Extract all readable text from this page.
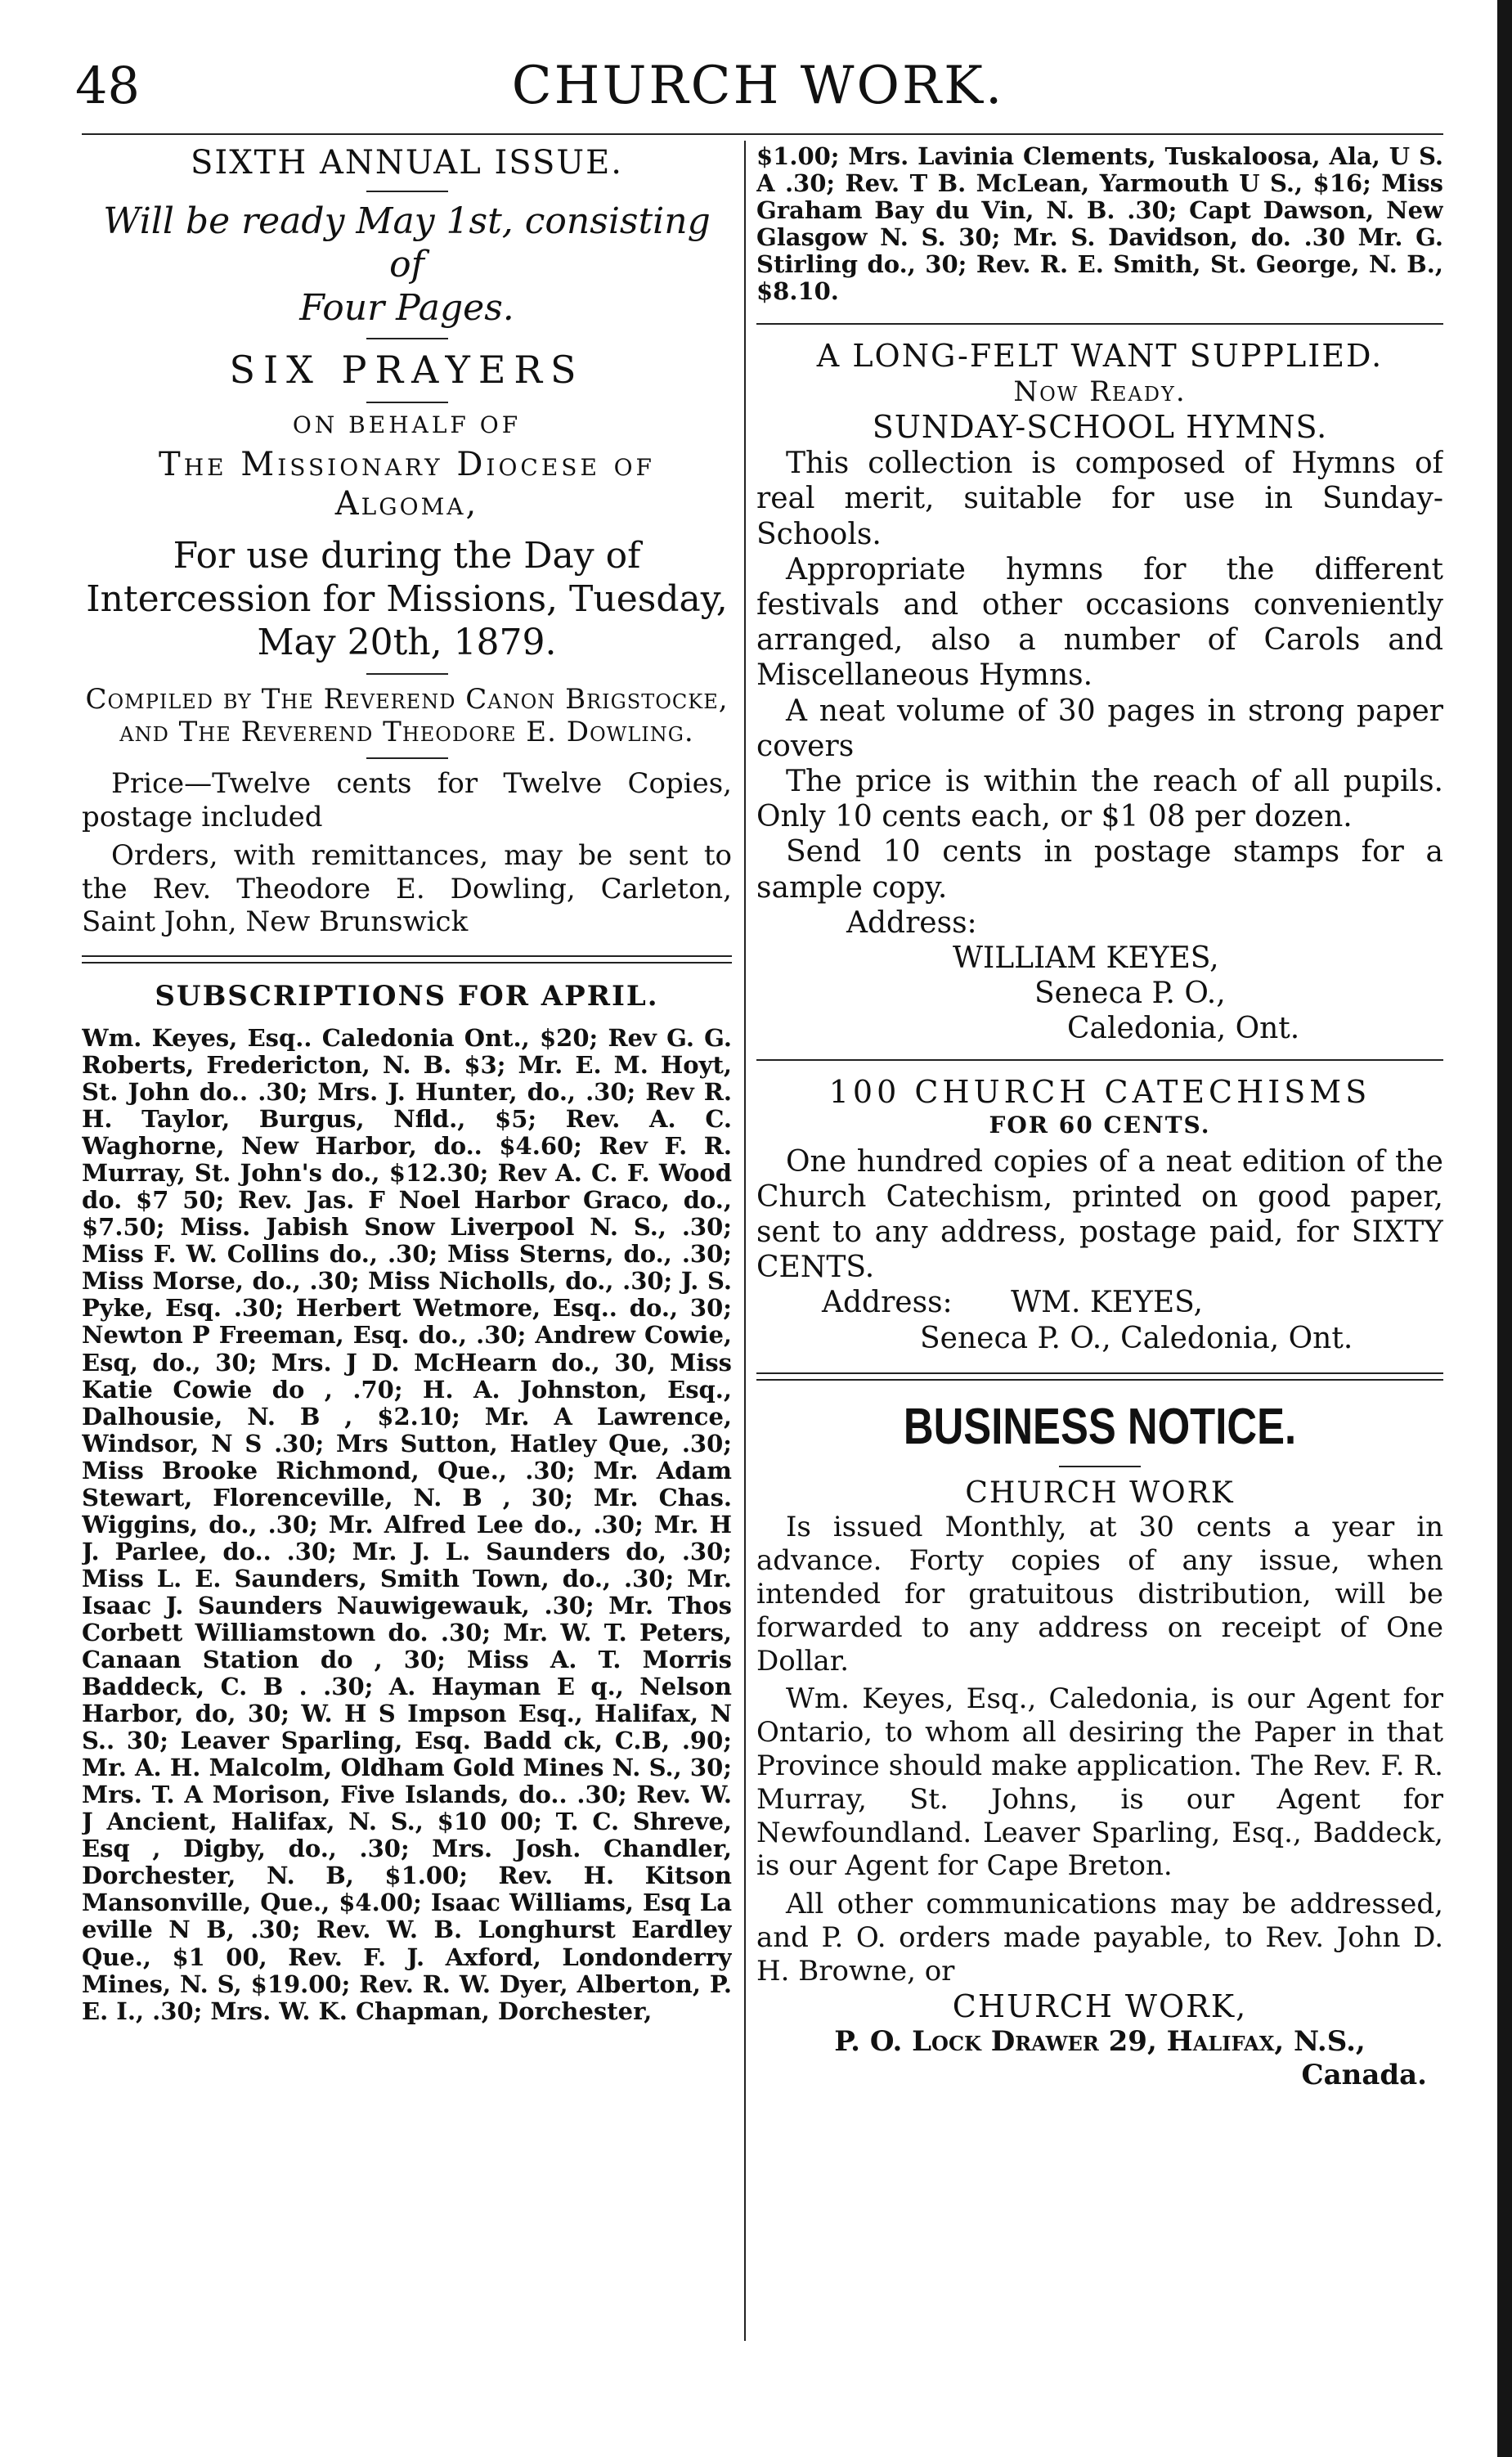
CHURCH WORK.
48
SIXTH ANNUAL ISSUE.
Will be ready May 1st, consisting of
Four Pages.
SIX PRAYERS
ON BEHALF OF
The Missionary Diocese of
Algoma,
For use during the Day of Intercession for Missions, Tuesday, May 20th, 1879.
Compiled by The Reverend Canon Brigstocke, and The Reverend Theodore E. Dowling.
Price—Twelve cents for Twelve Copies, postage included
Orders, with remittances, may be sent to the Rev. Theodore E. Dowling, Carleton, Saint John, New Brunswick
SUBSCRIPTIONS FOR APRIL.

Wm. Keyes, Esq.. Caledonia Ont., $20; Rev G. G. Roberts, Fredericton, N. B. $3; Mr. E. M. Hoyt, St. John do.. .30; Mrs. J. Hunter, do., .30; Rev R. H. Taylor, Burgus, Nfld., $5; Rev. A. C. Waghorne, New Harbor, do.. $4.60; Rev F. R. Murray, St. John's do., $12.30; Rev A. C. F. Wood do. $7 50; Rev. Jas. F Noel Harbor Graco, do., $7.50; Miss. Jabish Snow Liverpool N. S., .30; Miss F. W. Collins do., .30; Miss Sterns, do., .30; Miss Morse, do., .30; Miss Nicholls, do., .30; J. S. Pyke, Esq. .30; Herbert Wetmore, Esq.. do., 30; Newton P Freeman, Esq. do., .30; Andrew Cowie, Esq, do., 30; Mrs. J D. McHearn do., 30, Miss Katie Cowie do , .70; H. A. Johnston, Esq., Dalhousie, N. B , $2.10; Mr. A Lawrence, Windsor, N S .30; Mrs Sutton, Hatley Que, .30; Miss Brooke Richmond, Que., .30; Mr. Adam Stewart, Florenceville, N. B , 30; Mr. Chas. Wiggins, do., .30; Mr. Alfred Lee do., .30; Mr. H J. Parlee, do.. .30; Mr. J. L. Saunders do, .30; Miss L. E. Saunders, Smith Town, do., .30; Mr. Isaac J. Saunders Nauwigewauk, .30; Mr. Thos Corbett Williamstown do. .30; Mr. W. T. Peters, Canaan Station do , 30; Miss A. T. Morris Baddeck, C. B . .30; A. Hayman E q., Nelson Harbor, do, 30; W. H S Impson Esq., Halifax, N S.. 30; Leaver Sparling, Esq. Badd ck, C.B, .90; Mr. A. H. Malcolm, Oldham Gold Mines N. S., 30; Mrs. T. A Morison, Five Islands, do.. .30; Rev. W. J Ancient, Halifax, N. S., $10 00; T. C. Shreve, Esq , Digby, do., .30; Mrs. Josh. Chandler, Dorchester, N. B, $1.00; Rev. H. Kitson Mansonville, Que., $4.00; Isaac Williams, Esq La eville N B, .30; Rev. W. B. Longhurst Eardley Que., $1 00, Rev. F. J. Axford, Londonderry Mines, N. S, $19.00; Rev. R. W. Dyer, Alberton, P. E. I., .30; Mrs. W. K. Chapman, Dorchester,

$1.00; Mrs. Lavinia Clements, Tuskaloosa, Ala, U S. A .30; Rev. T B. McLean, Yarmouth U S., $16; Miss Graham Bay du Vin, N. B. .30; Capt Dawson, New Glasgow N. S. 30; Mr. S. Davidson, do. .30 Mr. G. Stirling do., 30; Rev. R. E. Smith, St. George, N. B., $8.10.

A LONG-FELT WANT SUPPLIED.
Now Ready.
SUNDAY-SCHOOL HYMNS.
This collection is composed of Hymns of real merit, suitable for use in Sunday-Schools.
Appropriate hymns for the different festivals and other occasions conveniently arranged, also a number of Carols and Miscellaneous Hymns.
A neat volume of 30 pages in strong paper covers
The price is within the reach of all pupils. Only 10 cents each, or $1 08 per dozen.
Send 10 cents in postage stamps for a sample copy.
Address:
WILLIAM KEYES,
Seneca P. O.,
Caledonia, Ont.
100 CHURCH CATECHISMS
FOR 60 CENTS.
One hundred copies of a neat edition of the Church Catechism, printed on good paper, sent to any address, postage paid, for SIXTY CENTS.
Address: WM. KEYES,
Seneca P. O., Caledonia, Ont.
BUSINESS NOTICE.
CHURCH WORK
Is issued Monthly, at 30 cents a year in advance. Forty copies of any issue, when intended for gratuitous distribution, will be forwarded to any address on receipt of One Dollar.
Wm. Keyes, Esq., Caledonia, is our Agent for Ontario, to whom all desiring the Paper in that Province should make application. The Rev. F. R. Murray, St. Johns, is our Agent for Newfoundland. Leaver Sparling, Esq., Baddeck, is our Agent for Cape Breton.
All other communications may be addressed, and P. O. orders made payable, to Rev. John D. H. Browne, or
CHURCH WORK,
P. O. Lock Drawer 29, Halifax, N.S.,
Canada.
